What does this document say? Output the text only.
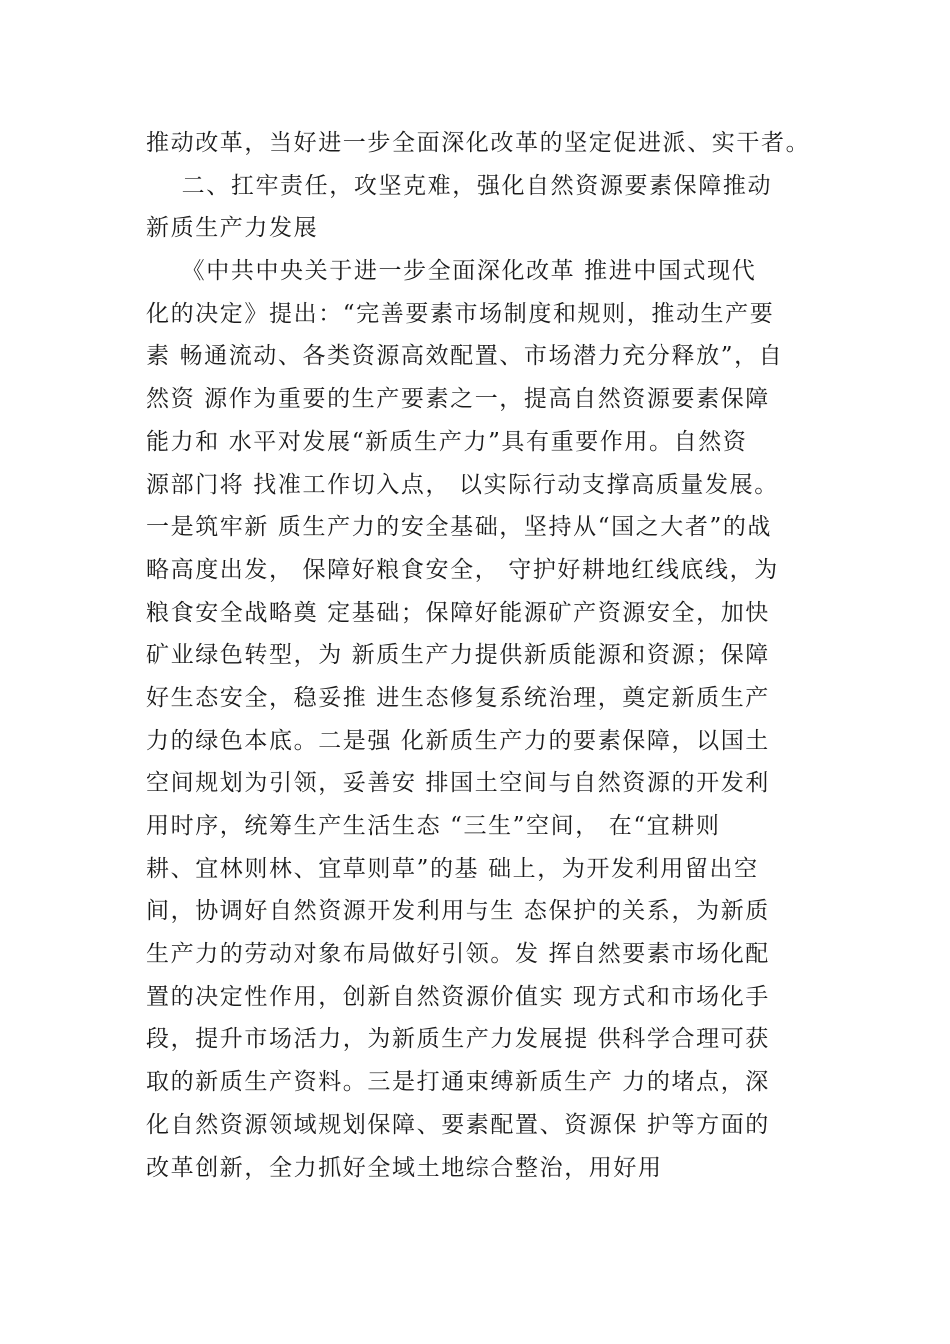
推动改革，当好进一步全面深化改革的坚定促进派、实干者。
二、扛牢责任，攻坚克难，强化自然资源要素保障推动
新质生产力发展
《中共中央关于进一步全面深化改革 推进中国式现代
化的决定》提出：“完善要素市场制度和规则，推动生产要
素 畅通流动、各类资源高效配置、市场潜力充分释放”，自
然资 源作为重要的生产要素之一，提高自然资源要素保障
能力和 水平对发展“新质生产力”具有重要作用。自然资
源部门将 找准工作切入点， 以实际行动支撑高质量发展。
一是筑牢新 质生产力的安全基础，坚持从“国之大者”的战
略高度出发， 保障好粮食安全， 守护好耕地红线底线，为
粮食安全战略奠 定基础；保障好能源矿产资源安全，加快
矿业绿色转型，为 新质生产力提供新质能源和资源；保障
好生态安全，稳妥推 进生态修复系统治理，奠定新质生产
力的绿色本底。二是强 化新质生产力的要素保障，以国土
空间规划为引领，妥善安 排国土空间与自然资源的开发利
用时序，统筹生产生活生态 “三生”空间， 在“宜耕则
耕、宜林则林、宜草则草”的基 础上，为开发利用留出空
间，协调好自然资源开发利用与生 态保护的关系，为新质
生产力的劳动对象布局做好引领。发 挥自然要素市场化配
置的决定性作用，创新自然资源价值实 现方式和市场化手
段，提升市场活力，为新质生产力发展提 供科学合理可获
取的新质生产资料。三是打通束缚新质生产 力的堵点，深
化自然资源领域规划保障、要素配置、资源保 护等方面的
改革创新，全力抓好全域土地综合整治，用好用
